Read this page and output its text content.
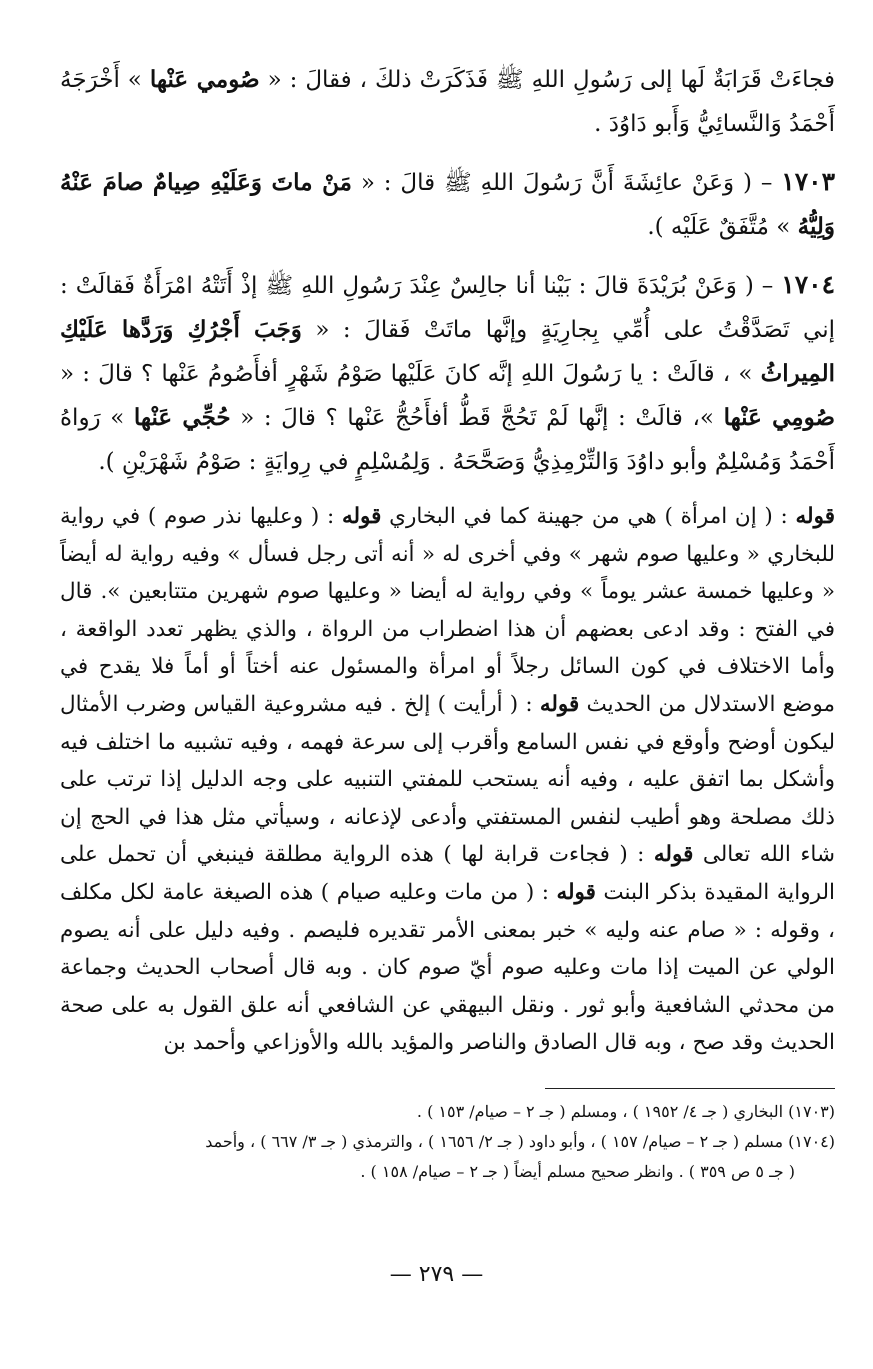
فجاءَتْ قَرَابَةٌ لَها إلى رَسُولِ اللهِ ﷺ فَذَكَرَتْ ذلكَ ، فقالَ : « صُومي عَنْها » أَخْرَجَهُ أَحْمَدُ وَالنَّسائِيُّ وَأَبو دَاوُدَ .

١٧٠٣ – ( وَعَنْ عائِشَةَ أَنَّ رَسُولَ اللهِ ﷺ قالَ : « مَنْ ماتَ وَعَلَيْهِ صِيامٌ صامَ عَنْهُ وَلِيُّهُ » مُتَّفَقٌ عَلَيْه ).

١٧٠٤ – ( وَعَنْ بُرَيْدَةَ قالَ : بَيْنا أنا جالِسٌ عِنْدَ رَسُولِ اللهِ ﷺ إذْ أَتَتْهُ امْرَأَةٌ فَقالَتْ : إني تَصَدَّقْتُ على أُمِّي بِجارِيَةٍ وإنَّها ماتَتْ فَقالَ : « وَجَبَ أَجْرُكِ وَرَدَّها عَلَيْكِ المِيراثُ » ، قالَتْ : يا رَسُولَ اللهِ إنَّه كانَ عَلَيْها صَوْمُ شَهْرٍ أفأَصُومُ عَنْها ؟ قالَ : « صُومِي عَنْها »، قالَتْ : إنَّها لَمْ تَحُجَّ قَطُّ أفأَحُجُّ عَنْها ؟ قالَ : « حُجِّي عَنْها » رَواهُ أَحْمَدُ وَمُسْلِمٌ وأبو داوُدَ وَالتِّرْمِذِيُّ وَصَحَّحَهُ . وَلِمُسْلِمٍ في رِوايَةٍ : صَوْمُ شَهْرَيْنِ ).

قوله : ( إن امرأة ) هي من جهينة كما في البخاري قوله : ( وعليها نذر صوم ) في رواية للبخاري « وعليها صوم شهر » وفي أخرى له « أنه أتى رجل فسأل » وفيه رواية له أيضاً « وعليها خمسة عشر يوماً » وفي رواية له أيضا « وعليها صوم شهرين متتابعين ». قال في الفتح : وقد ادعى بعضهم أن هذا اضطراب من الرواة ، والذي يظهر تعدد الواقعة ، وأما الاختلاف في كون السائل رجلاً أو امرأة والمسئول عنه أختاً أو أماً فلا يقدح في موضع الاستدلال من الحديث قوله : ( أرأيت ) إلخ . فيه مشروعية القياس وضرب الأمثال ليكون أوضح وأوقع في نفس السامع وأقرب إلى سرعة فهمه ، وفيه تشبيه ما اختلف فيه وأشكل بما اتفق عليه ، وفيه أنه يستحب للمفتي التنبيه على وجه الدليل إذا ترتب على ذلك مصلحة وهو أطيب لنفس المستفتي وأدعى لإذعانه ، وسيأتي مثل هذا في الحج إن شاء الله تعالى قوله : ( فجاءت قرابة لها ) هذه الرواية مطلقة فينبغي أن تحمل على الرواية المقيدة بذكر البنت قوله : ( من مات وعليه صيام ) هذه الصيغة عامة لكل مكلف ، وقوله : « صام عنه وليه » خبر بمعنى الأمر تقديره فليصم . وفيه دليل على أنه يصوم الولي عن الميت إذا مات وعليه صوم أيّ صوم كان . وبه قال أصحاب الحديث وجماعة من محدثي الشافعية وأبو ثور . ونقل البيهقي عن الشافعي أنه علق القول به على صحة الحديث وقد صح ، وبه قال الصادق والناصر والمؤيد بالله والأوزاعي وأحمد بن

(١٧٠٣) البخاري ( جـ ٤/ ١٩٥٢ ) ، ومسلم ( جـ ٢ – صيام/ ١٥٣ ) .

(١٧٠٤) مسلم ( جـ ٢ – صيام/ ١٥٧ ) ، وأبو داود ( جـ ٢/ ١٦٥٦ ) ، والترمذي ( جـ ٣/ ٦٦٧ ) ، وأحمد

( جـ ٥ ص ٣٥٩ ) . وانظر صحيح مسلم أيضاً ( جـ ٢ – صيام/ ١٥٨ ) .

— ٢٧٩ —
